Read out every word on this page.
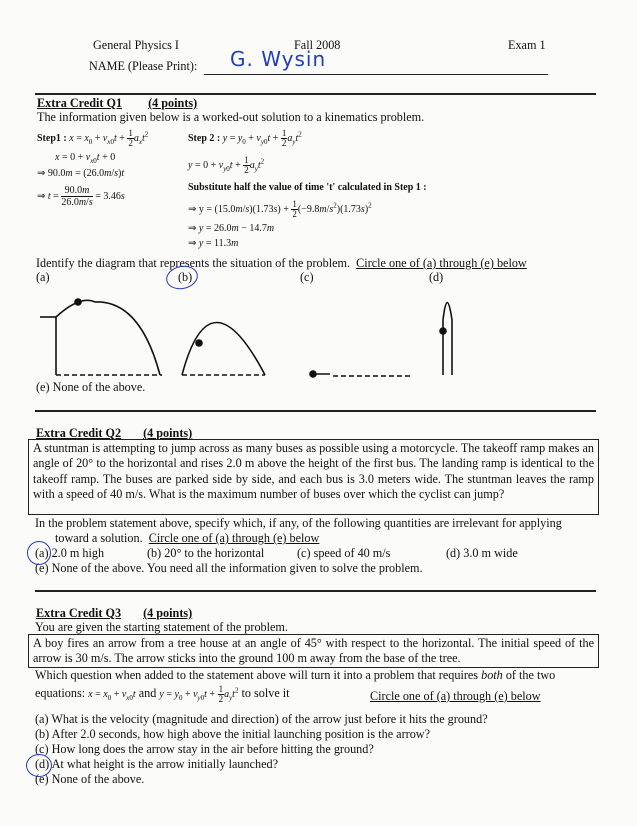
General Physics I	Fall 2008	Exam 1
NAME (Please Print): G. Wysin
Extra Credit Q1 (4 points)
The information given below is a worked-out solution to a kinematics problem.
Step1 : $x = x_0 + v_{x0}t + \frac{1}{2} a_xt^2$
$x = 0 + v_{x0}t + 0$
⇒ 90.0m = (26.0m/s)t
⇒ $t = \frac{90.0m}{26.0m/s} = 3.46s$
Step 2 : $y = y_0 + v_{y0}t + \frac{1}{2} a_yt^2$
$y = 0 + v_{y0}t + \frac{1}{2} a_yt^2$
Substitute half the value of time 't' calculated in Step 1 :
⇒ $y = (15.0m/s)(1.73s) + \frac{1}{2} (-9.8m/s^2)(1.73s)^2$
⇒ y = 26.0m − 14.7m
⇒ y = 11.3m
Identify the diagram that represents the situation of the problem. Circle one of (a) through (e) below
(a)	(b)	(c)	(d)
(e) None of the above.
Extra Credit Q2 (4 points)
A stuntman is attempting to jump across as many buses as possible using a motorcycle. The takeoff ramp makes an angle of 20° to the horizontal and rises 2.0 m above the height of the first bus. The landing ramp is identical to the takeoff ramp. The buses are parked side by side, and each bus is 3.0 meters wide. The stuntman leaves the ramp with a speed of 40 m/s. What is the maximum number of buses over which the cyclist can jump?
In the problem statement above, specify which, if any, of the following quantities are irrelevant for applying
toward a solution. Circle one of (a) through (e) below
(a) 2.0 m high	(b) 20° to the horizontal	(c) speed of 40 m/s	(d) 3.0 m wide
(e) None of the above. You need all the information given to solve the problem.
Extra Credit Q3 (4 points)
You are given the starting statement of the problem.
A boy fires an arrow from a tree house at an angle of 45° with respect to the horizontal. The initial speed of the arrow is 30 m/s. The arrow sticks into the ground 100 m away from the base of the tree.
Which question when added to the statement above will turn it into a problem that requires both of the two
equations: $x = x_0 + v_{x0}t$ and $y = y_0 + v_{y0}t + \frac{1}{2} a_yt^2$ to solve it	Circle one of (a) through (e) below
(a) What is the velocity (magnitude and direction) of the arrow just before it hits the ground?
(b) After 2.0 seconds, how high above the initial launching position is the arrow?
(c) How long does the arrow stay in the air before hitting the ground?
(d) At what height is the arrow initially launched?
(e) None of the above.
